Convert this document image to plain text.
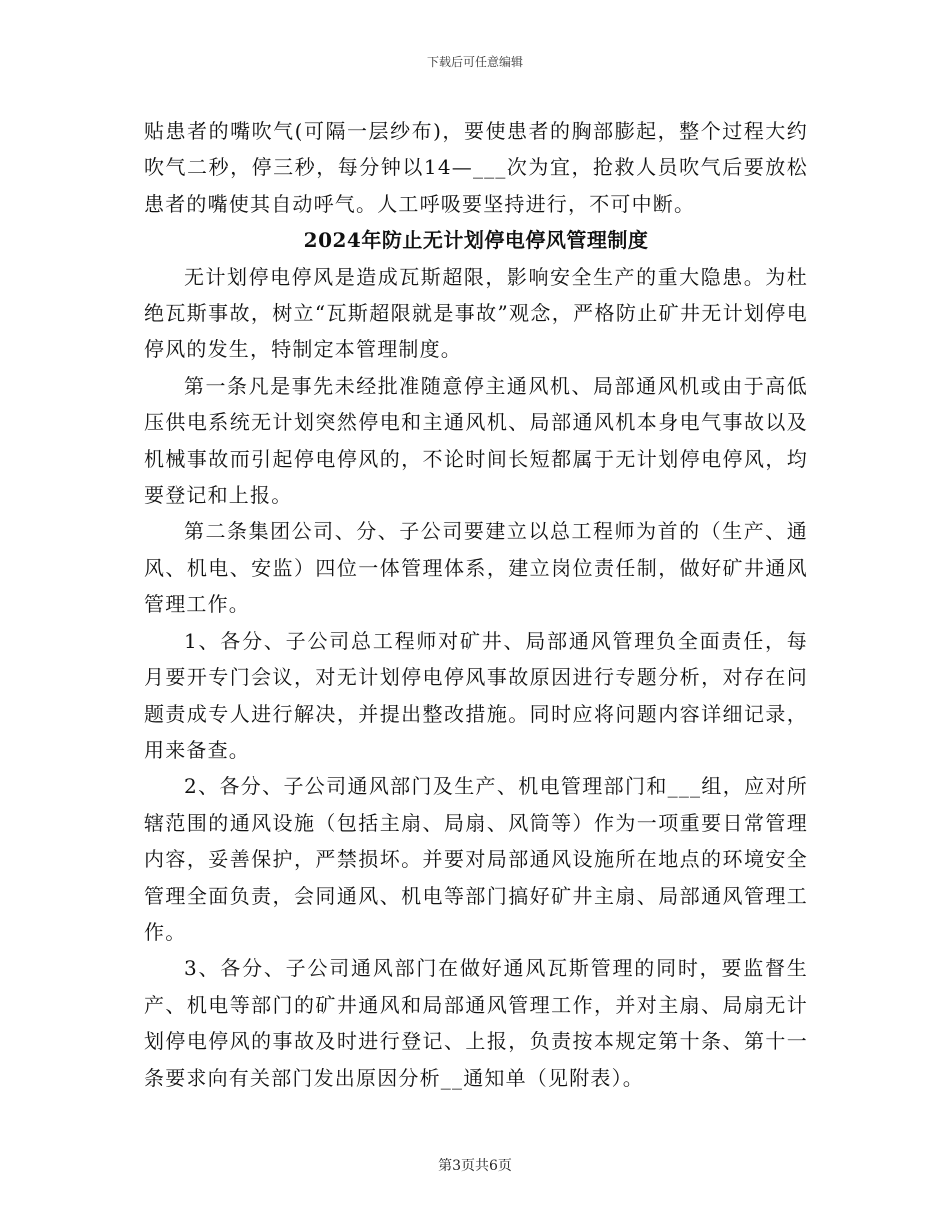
下载后可任意编辑

贴患者的嘴吹气(可隔一层纱布)，要使患者的胸部膨起，整个过程大约吹气二秒，停三秒，每分钟以14—___次为宜，抢救人员吹气后要放松患者的嘴使其自动呼气。人工呼吸要坚持进行，不可中断。

2024年防止无计划停电停风管理制度

无计划停电停风是造成瓦斯超限，影响安全生产的重大隐患。为杜绝瓦斯事故，树立“瓦斯超限就是事故”观念，严格防止矿井无计划停电停风的发生，特制定本管理制度。

第一条凡是事先未经批准随意停主通风机、局部通风机或由于高低压供电系统无计划突然停电和主通风机、局部通风机本身电气事故以及机械事故而引起停电停风的，不论时间长短都属于无计划停电停风，均要登记和上报。

第二条集团公司、分、子公司要建立以总工程师为首的（生产、通风、机电、安监）四位一体管理体系，建立岗位责任制，做好矿井通风管理工作。

1、各分、子公司总工程师对矿井、局部通风管理负全面责任，每月要开专门会议，对无计划停电停风事故原因进行专题分析，对存在问题责成专人进行解决，并提出整改措施。同时应将问题内容详细记录，用来备查。

2、各分、子公司通风部门及生产、机电管理部门和___组，应对所辖范围的通风设施（包括主扇、局扇、风筒等）作为一项重要日常管理内容，妥善保护，严禁损坏。并要对局部通风设施所在地点的环境安全管理全面负责，会同通风、机电等部门搞好矿井主扇、局部通风管理工作。

3、各分、子公司通风部门在做好通风瓦斯管理的同时，要监督生产、机电等部门的矿井通风和局部通风管理工作，并对主扇、局扇无计划停电停风的事故及时进行登记、上报，负责按本规定第十条、第十一条要求向有关部门发出原因分析__通知单（见附表）。

第3页共6页
